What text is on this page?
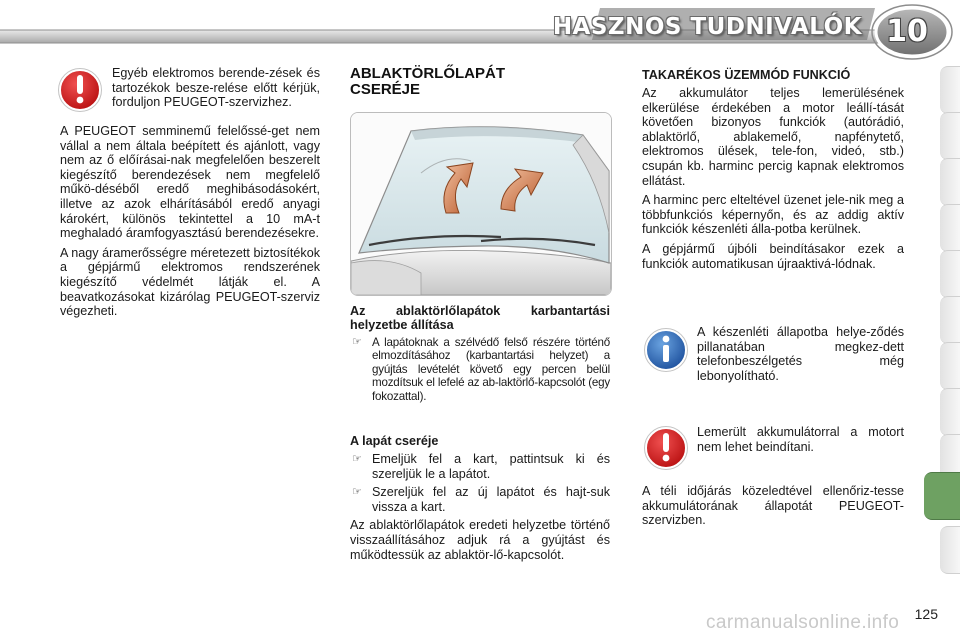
HASZNOS TUDNIVALÓK 10
Egyéb elektromos berende-zések és tartozékok besze-relése előtt kérjük, forduljon PEUGEOT-szervizhez.

A PEUGEOT semminemű felelőssé-get nem vállal a nem általa beépített és ajánlott, vagy nem az ő előírásai-nak megfelelően beszerelt kiegészítő berendezések nem megfelelő műkö-déséből eredő meghibásodásokért, illetve az azok elhárításából eredő anyagi károkért, különös tekintettel a 10 mA-t meghaladó áramfogyasztású berendezésekre.

A nagy áramerősségre méretezett biztosítékok a gépjármű elektromos rendszerének kiegészítő védelmét látják el. A beavatkozásokat kizárólag PEUGEOT-szerviz végezheti.

ABLAKTÖRLŐLAPÁT
CSERÉJE
Az ablaktörlőlapátok karbantartási helyzetbe állítása
☞ A lapátoknak a szélvédő felső részére történő elmozdításához (karbantartási helyzet) a gyújtás levételét követő egy percen belül mozdítsuk el lefelé az ab-laktörlő-kapcsolót (egy fokozattal).
A lapát cseréje
☞ Emeljük fel a kart, pattintsuk ki és szereljük le a lapátot.
☞ Szereljük fel az új lapátot és hajt-suk vissza a kart.

Az ablaktörlőlapátok eredeti helyzetbe történő visszaállításához adjuk rá a gyújtást és működtessük az ablaktör-lő-kapcsolót.

TAKARÉKOS ÜZEMMÓD FUNKCIÓ

Az akkumulátor teljes lemerülésének elkerülése érdekében a motor leállí-tását követően bizonyos funkciók (autórádió, ablaktörlő, ablakemelő, napfénytető, elektromos ülések, tele-fon, videó, stb.) csupán kb. harminc percig kapnak elektromos ellátást.

A harminc perc elteltével üzenet jele-nik meg a többfunkciós képernyőn, és az addig aktív funkciók készenléti álla-potba kerülnek.

A gépjármű újbóli beindításakor ezek a funkciók automatikusan újraaktivá-lódnak.

A készenléti állapotba helye-ződés pillanatában megkez-dett telefonbeszélgetés még lebonyolítható.
Lemerült akkumulátorral a motort nem lehet beindítani.

A téli időjárás közeledtével ellenőriz-tesse akkumulátorának állapotát PEUGEOT-szervizben.

125
carmanualsonline.info
